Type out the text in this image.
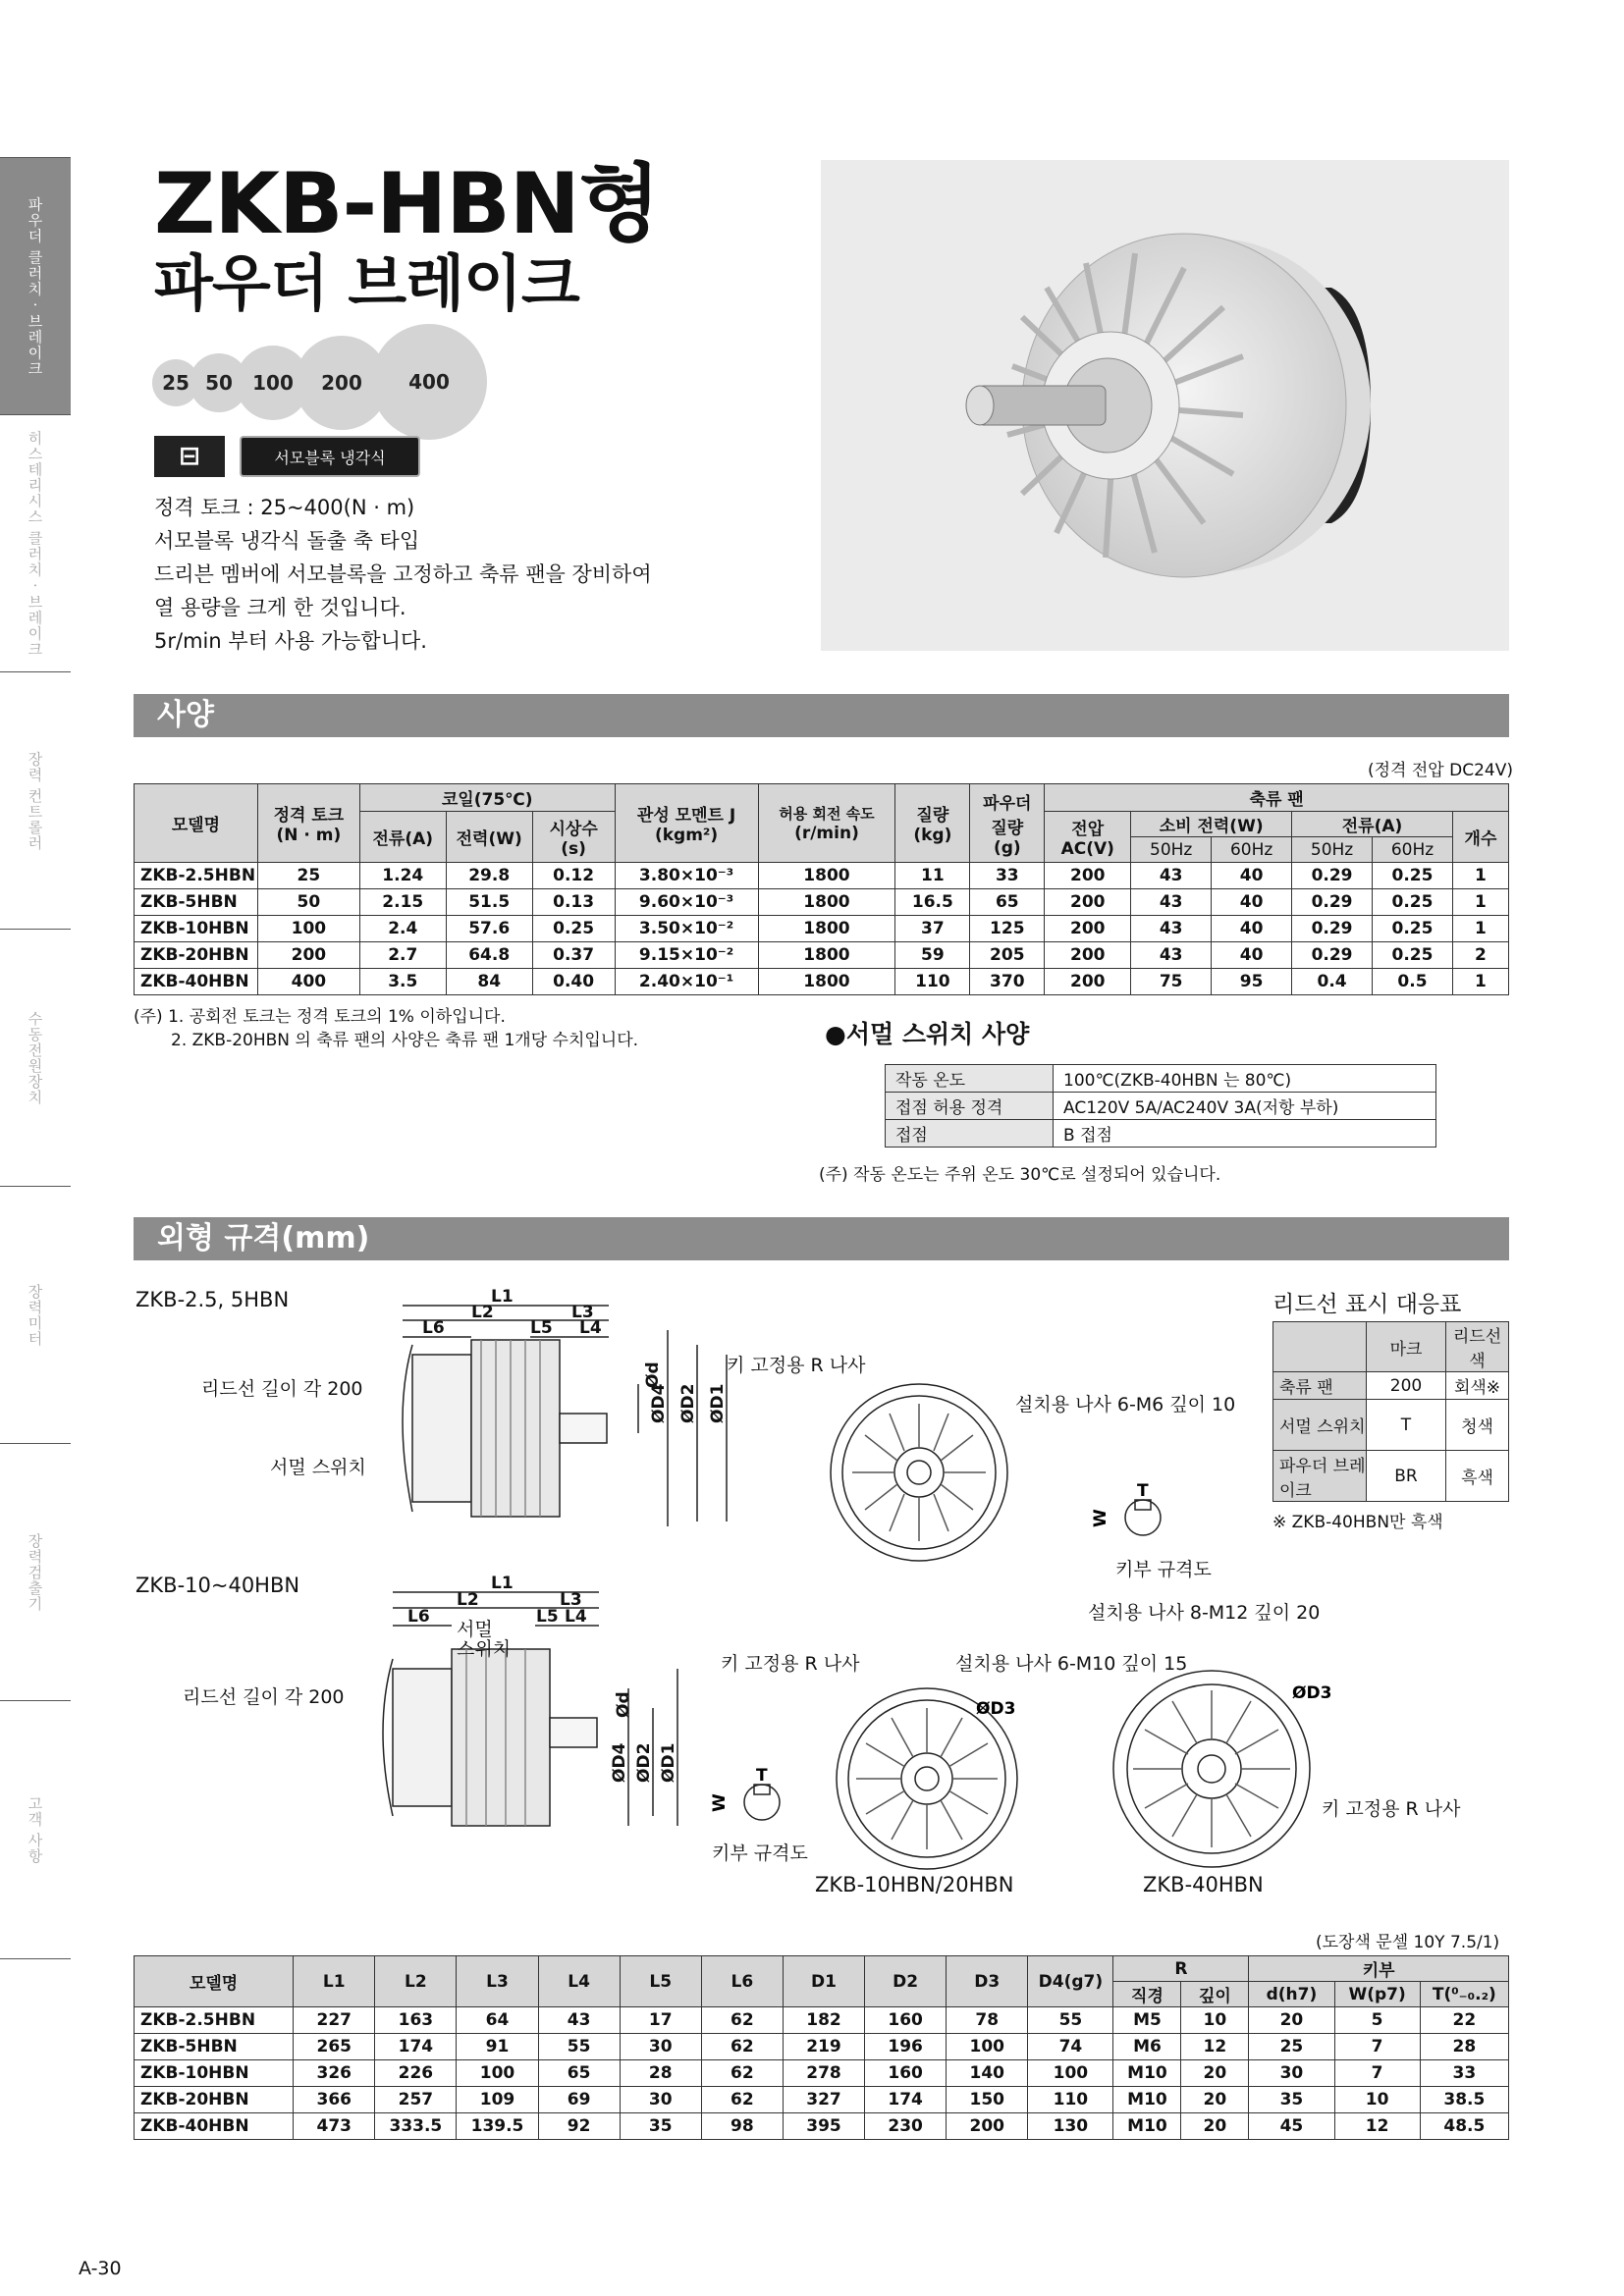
파우더 클러치 · 브레이크
히스테리시스 클러치 · 브레이크
장력 컨트롤러
수동전원장치
장력미터
장력검출기
고객 사항
ZKB-HBN형
파우더 브레이크
25 50	100	200	400
⊟	서모블록 냉각식
정격 토크 : 25~400(N · m)
서모블록 냉각식 돌출 축 타입
드리븐 멤버에 서모블록을 고정하고 축류 팬을 장비하여
열 용량을 크게 한 것입니다.
5r/min 부터 사용 가능합니다.
사양
(정격 전압 DC24V)
모델명	정격 토크
(N · m)	코일(75℃)			관성 모멘트 J
(kgm²)	허용 회전 속도
(r/min)	질량
(kg)	파우더
질량
(g)	축류 팬					
		전류(A)	전력(W)	시상수
(s)					전압
AC(V)	소비 전력(W)		전류(A)		개수
										50Hz	60Hz	50Hz	60Hz	
ZKB-2.5HBN	25	1.24	29.8	0.12	3.80×10⁻³	1800	11	33	200	43	40	0.29	0.25	1
ZKB-5HBN	50	2.15	51.5	0.13	9.60×10⁻³	1800	16.5	65	200	43	40	0.29	0.25	1
ZKB-10HBN	100	2.4	57.6	0.25	3.50×10⁻²	1800	37	125	200	43	40	0.29	0.25	1
ZKB-20HBN	200	2.7	64.8	0.37	9.15×10⁻²	1800	59	205	200	43	40	0.29	0.25	2
ZKB-40HBN	400	3.5	84	0.40	2.40×10⁻¹	1800	110	370	200	75	95	0.4	0.5	1
(주) 1. 공회전 토크는 정격 토크의 1% 이하입니다.
2. ZKB-20HBN 의 축류 팬의 사양은 축류 팬 1개당 수치입니다.	●서멀 스위치 사양
작동 온도	100℃(ZKB-40HBN 는 80℃)
접점 허용 정격	AC120V 5A/AC240V 3A(저항 부하)
접점	B 접점
(주) 작동 온도는 주위 온도 30℃로 설정되어 있습니다.
외형 규격(mm)
ZKB-2.5, 5HBN
ZKB-10~40HBN
L1
L2	L3
L6	L5 L4
ØD4 ØD2 ØD1
Ød
리드선 길이 각 200
서멀 스위치
키 고정용 R 나사
설치용 나사 6-M6 깊이 10
키부 규격도
W
T
리드선 표시 대응표
	마크	리드선 색
축류 팬	200	회색※
서멀 스위치	T	청색
파우더 브레이크	BR	흑색
※ ZKB-40HBN만 흑색
L1
L2	L3
L6	L5 L4
ØD4 ØD2 ØD1
Ød
서멀
스위치
리드선 길이 각 200
W
T
키부 규격도
키 고정용 R 나사	설치용 나사 6-M10 깊이 15
설치용 나사 8-M12 깊이 20
키 고정용 R 나사
ØD3
ØD3
ZKB-10HBN/20HBN	ZKB-40HBN
(도장색 문셀 10Y 7.5/1)
모델명	L1	L2	L3	L4	L5	L6	D1	D2	D3	D4(g7)	R		키부		
											직경	깊이	d(h7)	W(p7)	T(⁰₋₀.₂)
ZKB-2.5HBN	227	163	64	43	17	62	182	160	78	55	M5	10	20	5	22
ZKB-5HBN	265	174	91	55	30	62	219	196	100	74	M6	12	25	7	28
ZKB-10HBN	326	226	100	65	28	62	278	160	140	100	M10	20	30	7	33
ZKB-20HBN	366	257	109	69	30	62	327	174	150	110	M10	20	35	10	38.5
ZKB-40HBN	473	333.5	139.5	92	35	98	395	230	200	130	M10	20	45	12	48.5
A-30
